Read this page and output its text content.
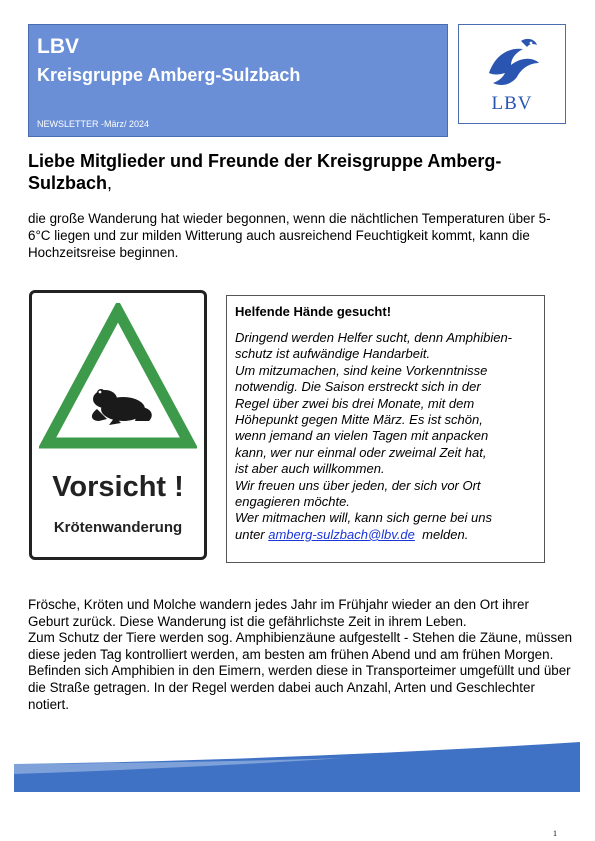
LBV
Kreisgruppe Amberg-Sulzbach
NEWSLETTER -März/ 2024
LBV
Liebe Mitglieder und Freunde der Kreisgruppe Amberg-Sulzbach,
die große Wanderung hat wieder begonnen, wenn die nächtlichen Temperaturen über 5-6°C liegen und zur milden Witterung auch ausreichend Feuchtigkeit kommt, kann die Hochzeitsreise beginnen.
Vorsicht !
Krötenwanderung
Helfende Hände gesucht!

Dringend werden Helfer sucht, denn Amphibien-
schutz ist aufwändige Handarbeit.
Um mitzumachen, sind keine Vorkenntnisse
notwendig. Die Saison erstreckt sich in der
Regel über zwei bis drei Monate, mit dem
Höhepunkt gegen Mitte März. Es ist schön,
wenn jemand an vielen Tagen mit anpacken
kann, wer nur einmal oder zweimal Zeit hat,
ist aber auch willkommen.
Wir freuen uns über jeden, der sich vor Ort
engagieren möchte.
Wer mitmachen will, kann sich gerne bei uns
unter amberg-sulzbach@lbv.de  melden.

Frösche, Kröten und Molche wandern jedes Jahr im Frühjahr wieder an den Ort ihrer Geburt zurück. Diese Wanderung ist die gefährlichste Zeit in ihrem Leben.
Zum Schutz der Tiere werden sog. Amphibienzäune aufgestellt - Stehen die Zäune, müssen diese jeden Tag kontrolliert werden, am besten am frühen Abend und am frühen Morgen.
Befinden sich Amphibien in den Eimern, werden diese in Transporteimer umgefüllt und über die Straße getragen. In der Regel werden dabei auch Anzahl, Arten und Geschlechter notiert.
1
